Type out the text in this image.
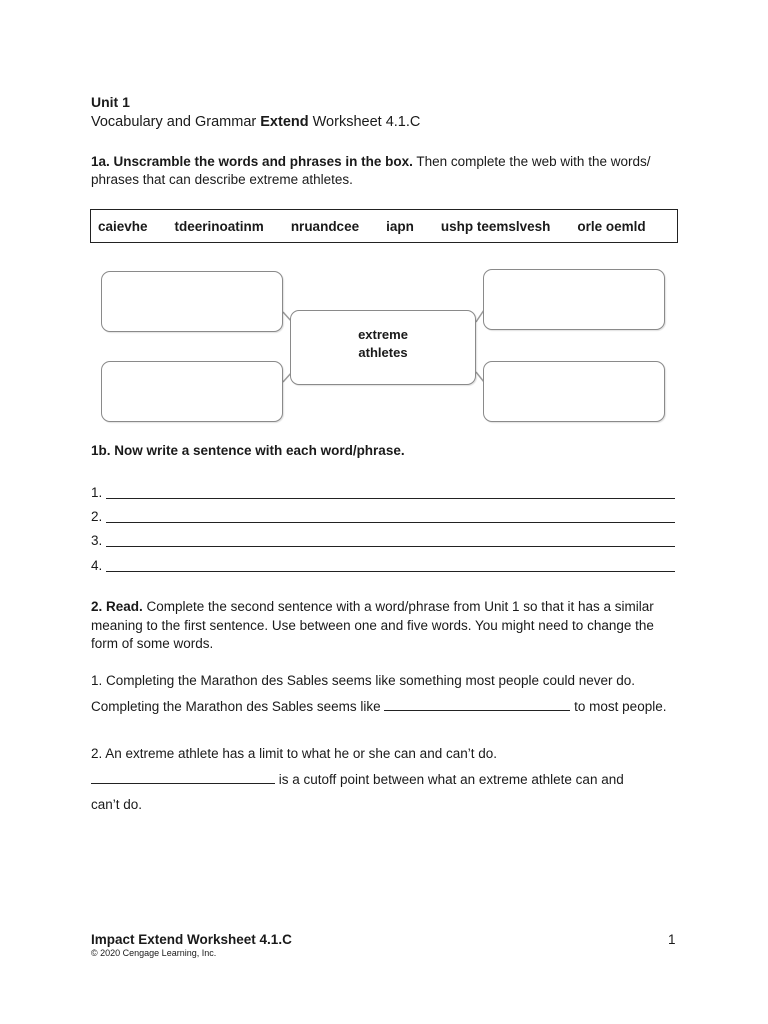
Unit 1
Vocabulary and Grammar Extend Worksheet 4.1.C
1a. Unscramble the words and phrases in the box. Then complete the web with the words/ phrases that can describe extreme athletes.
caievhe tdeerinoatinm nruandcee iapn ushp teemslvesh orle oemld
extreme
athletes
1b. Now write a sentence with each word/phrase.
1.
2.
3.
4.
2. Read. Complete the second sentence with a word/phrase from Unit 1 so that it has a similar meaning to the first sentence. Use between one and five words. You might need to change the form of some words.
1. Completing the Marathon des Sables seems like something most people could never do.
Completing the Marathon des Sables seems like	to most people.
2. An extreme athlete has a limit to what he or she can and can’t do.
is a cutoff point between what an extreme athlete can and
can’t do.
Impact Extend Worksheet 4.1.C
© 2020 Cengage Learning, Inc.
1
